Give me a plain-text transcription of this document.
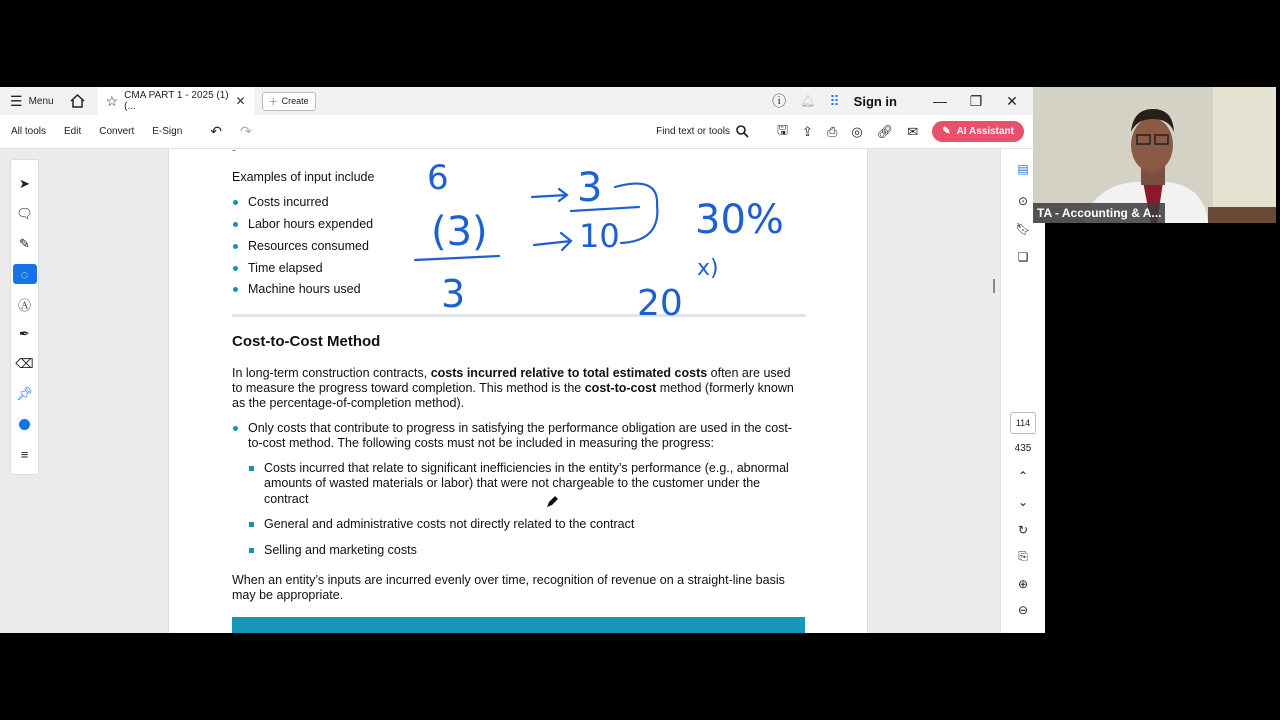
☰ Menu	☆ CMA PART 1 - 2025 (1) (...	✕	＋ Create	ⓘ 🔔︎ ⠿ Sign in	—	❐	✕
All tools Edit Convert E-Sign ↶ ↷	Find text or tools	🖫 ⇪ ⎙ ◎ 🔗︎ ✉ ✎ AI Assistant
➤
🗨︎
✎
◌
Ⓐ
✒
⌫
📌︎
≡
-
Examples of input include
Costs incurred
Labor hours expended
Resources consumed
Time elapsed
Machine hours used
Cost-to-Cost Method
In long-term construction contracts, costs incurred relative to total estimated costs often are used
to measure the progress toward completion. This method is the cost-to-cost method (formerly known
as the percentage-of-completion method).
Only costs that contribute to progress in satisfying the performance obligation are used in the cost-
to-cost method. The following costs must not be included in measuring the progress:
Costs incurred that relate to significant inefficiencies in the entity’s performance (e.g., abnormal
amounts of wasted materials or labor) that were not chargeable to the customer under the
contract
General and administrative costs not directly related to the contract
Selling and marketing costs
When an entity’s inputs are incurred evenly over time, recognition of revenue on a straight-line basis
may be appropriate.
6
(3)
3
3
10 30%
x)
20
▤
⊙
🔖︎
❏
114
435
⌃
⌄
↻
⎘
⊕
⊖
TA - Accounting & A...
